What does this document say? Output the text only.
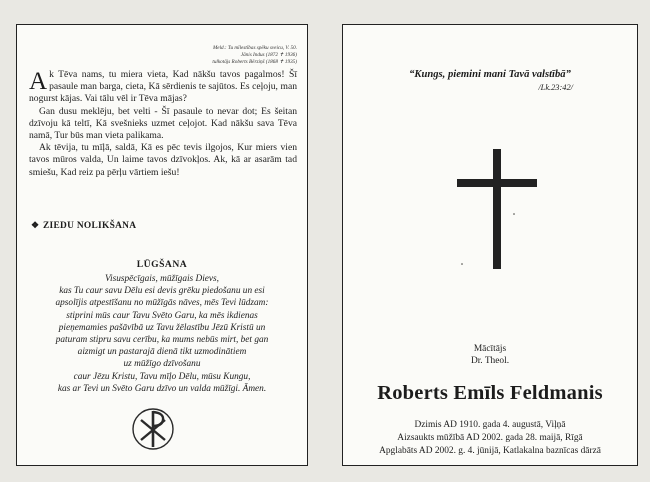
Meld.: Tu mīlestības spēku sveicu, V. 50.
Jānis Indus (1872 ✝ 1936)
tulkotājs Roberts Bērziņš (1868 ✝ 1935)

Ak Tēva nams, tu miera vieta, Kad nākšu tavos pagalmos! Šī pasaule man barga, cieta, Kā sērdienis te sajūtos. Es ceļoju, man nogurst kājas. Vai tālu vēl ir Tēva mājas?

Gan dusu meklēju, bet velti - Šī pasaule to nevar dot; Es šeitan dzīvoju kā teltī, Kā svešnieks uzmet ceļojot. Kad nākšu sava Tēva namā, Tur būs man vieta palikama.

Ak tēvija, tu mīļā, saldā, Kā es pēc tevis ilgojos, Kur miers vien tavos mūros valda, Un laime tavos dzīvokļos. Ak, kā ar asarām tad smiešu, Kad reiz pa pērļu vārtiem iešu!

❖ ZIEDU NOLIKŠANA
LŪGŠANA
Visuspēcīgais, mūžīgais Dievs,
kas Tu caur savu Dēlu esi devis grēku piedošanu un esi
apsolījis atpestīšanu no mūžīgās nāves, mēs Tevi lūdzam:
stiprini mūs caur Tavu Svēto Garu, ka mēs ikdienas
pieņemamies pašāvībā uz Tavu žēlastību Jēzū Kristū un
paturam stipru savu cerību, ka mums nebūs mirt, bet gan
aizmigt un pastarajā dienā tikt uzmodinātiem
uz mūžīgo dzīvošanu
caur Jēzu Kristu, Tavu mīļo Dēlu, mūsu Kungu,
kas ar Tevi un Svēto Garu dzīvo un valda mūžīgi. Āmen.
“Kungs, piemini mani Tavā valstībā”
/Lk.23:42/
Mācītājs
Dr. Theol.
Roberts Emīls Feldmanis
Dzimis AD 1910. gada 4. augustā, Viļņā
Aizsaukts mūžībā AD 2002. gada 28. maijā, Rīgā
Apglabāts AD 2002. g. 4. jūnijā, Katlakalna baznīcas dārzā
